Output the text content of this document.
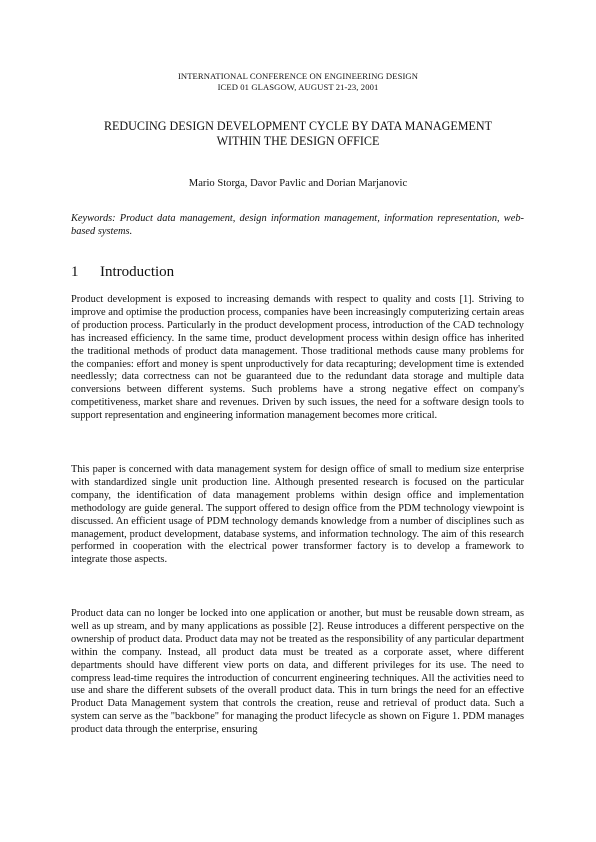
INTERNATIONAL CONFERENCE ON ENGINEERING DESIGN
ICED 01 GLASGOW, AUGUST 21-23, 2001
REDUCING DESIGN DEVELOPMENT CYCLE BY DATA MANAGEMENT
WITHIN THE DESIGN OFFICE
Mario Storga, Davor Pavlic and Dorian Marjanovic
Keywords: Product data management, design information management, information representation, web-based systems.
1 Introduction
Product development is exposed to increasing demands with respect to quality and costs [1]. Striving to improve and optimise the production process, companies have been increasingly computerizing certain areas of production process. Particularly in the product development process, introduction of the CAD technology has increased efficiency. In the same time, product development process within design office has inherited the traditional methods of product data management. Those traditional methods cause many problems for the companies: effort and money is spent unproductively for data recapturing; development time is extended needlessly; data correctness can not be guaranteed due to the redundant data storage and multiple data conversions between different systems. Such problems have a strong negative effect on company's competitiveness, market share and revenues. Driven by such issues, the need for a software design tools to support representation and engineering information management becomes more critical.
This paper is concerned with data management system for design office of small to medium size enterprise with standardized single unit production line. Although presented research is focused on the particular company, the identification of data management problems within design office and implementation methodology are guide general. The support offered to design office from the PDM technology viewpoint is discussed. An efficient usage of PDM technology demands knowledge from a number of disciplines such as management, product development, database systems, and information technology. The aim of this research performed in cooperation with the electrical power transformer factory is to develop a framework to integrate those aspects.
Product data can no longer be locked into one application or another, but must be reusable down stream, as well as up stream, and by many applications as possible [2]. Reuse introduces a different perspective on the ownership of product data. Product data may not be treated as the responsibility of any particular department within the company. Instead, all product data must be treated as a corporate asset, where different departments should have different view ports on data, and different privileges for its use. The need to compress lead-time requires the introduction of concurrent engineering techniques. All the activities need to use and share the different subsets of the overall product data. This in turn brings the need for an effective Product Data Management system that controls the creation, reuse and retrieval of product data. Such a system can serve as the "backbone" for managing the product lifecycle as shown on Figure 1. PDM manages product data through the enterprise, ensuring
